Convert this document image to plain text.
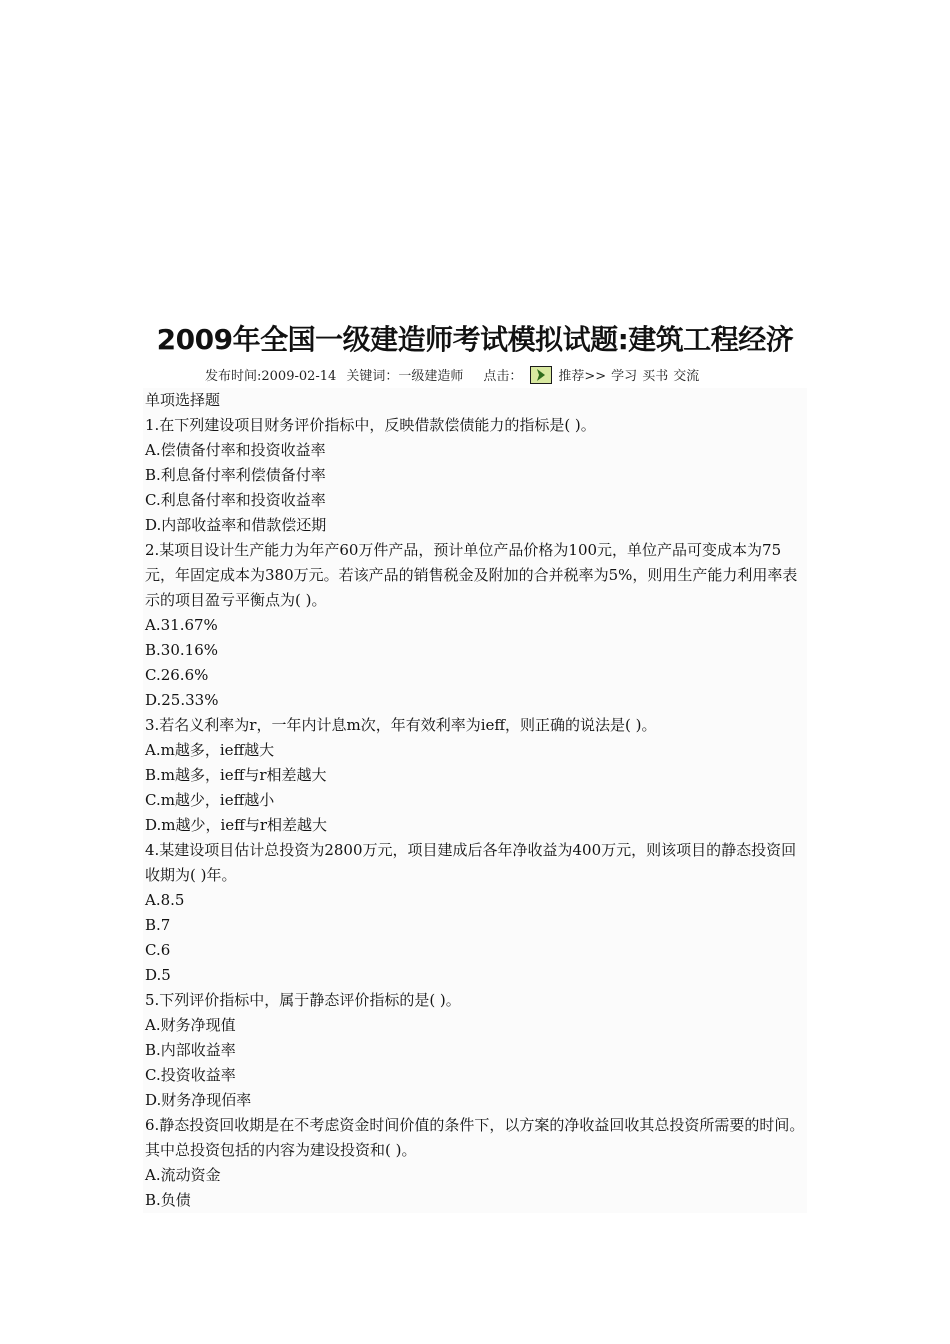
2009年全国一级建造师考试模拟试题:建筑工程经济
发布时间:2009-02-14 关键词：一级建造师 点击：	推荐>> 学习 买书 交流
单项选择题
1.在下列建设项目财务评价指标中，反映借款偿债能力的指标是( )。
A.偿债备付率和投资收益率
B.利息备付率利偿债备付率
C.利息备付率和投资收益率
D.内部收益率和借款偿还期
2.某项目设计生产能力为年产60万件产品，预计单位产品价格为100元，单位产品可变成本为75元，年固定成本为380万元。若该产品的销售税金及附加的合并税率为5%，则用生产能力利用率表示的项目盈亏平衡点为( )。
A.31.67%
B.30.16%
C.26.6%
D.25.33%
3.若名义利率为r，一年内计息m次，年有效利率为ieff，则正确的说法是( )。
A.m越多，ieff越大
B.m越多，ieff与r相差越大
C.m越少，ieff越小
D.m越少，ieff与r相差越大
4.某建设项目估计总投资为2800万元，项目建成后各年净收益为400万元，则该项目的静态投资回收期为( )年。
A.8.5
B.7
C.6
D.5
5.下列评价指标中，属于静态评价指标的是( )。
A.财务净现值
B.内部收益率
C.投资收益率
D.财务净现佰率
6.静态投资回收期是在不考虑资金时间价值的条件下，以方案的净收益回收其总投资所需要的时间。其中总投资包括的内容为建设投资和( )。
A.流动资金
B.负债
